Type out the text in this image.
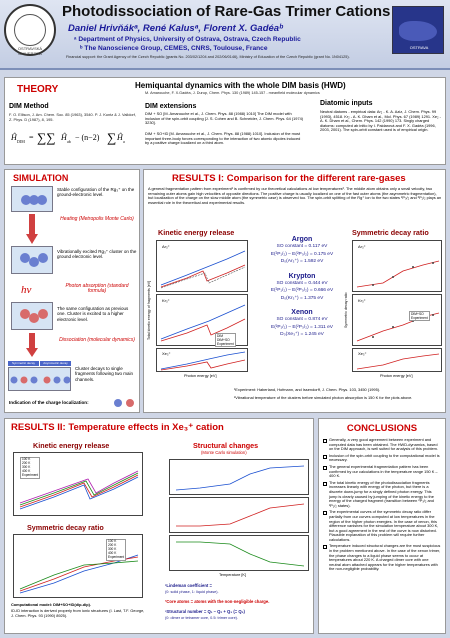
OSTRAVSKÁ UNIVERZITA
Photodissociation of Rare-Gas Trimer Cations
Daniel Hrivňákᵃ, René Kalusᵃ, Florent X. Gadéaᵇ
ᵃ Department of Physics, University of Ostrava, Ostrava, Czech Republic
ᵇ The Nanoscience Group, CEMES, CNRS, Toulouse, France
Financial support: the Grant Agency of the Czech Republic (grants No. 203/02/1204 and 202/06/0146), Ministry of Education of the Czech Republic (grant No. 1N04125).
OSTRAVA
THEORY	Hemiquantal dynamics with the whole DIM basis (HWD)
M. Amarouche, F. X.Gadéa, J. Durup, Chem. Phys. 130 (1989) 145-157 - meanfield molecular dynamics
DIM Method
F. O. Ellison, J. Am. Chem. Soc. 85 (1963), 3540. P. J. Kuntz & J. Valldorf, Z. Phys. D (1987), 8, 195.
Ĥ DIM = ∑∑ Ĥ ab − (n−2) ∑ Ĥ a
DIM extensions
DIM + SO [M. Amarouche et al., J. Chem. Phys. 88 (1988) 1010] The DIM model with inclusion of the spin-orbit coupling [J. S. Cohen and B. Schneider, J. Chem. Phys. 64 (1974) 3230].
DIM + SO+ID [M. Amarouche et al., J. Chem. Phys. 88 (1988) 1010]. Inclusion of the most important three-body forces corresponding to the interaction of two atomic dipoles induced by a positive charge localized on a third atom.
Diatomic inputs
Neutral diatoms - empirical data: Ar₂ - K. A. Aziz, J. Chem. Phys. 99 (1993), 4518. Kr₂ - A. K. Dham et al., Mol. Phys. 67 (1989) 1291. Xe₂ - A. K. Dham et al., Chem. Phys. 142 (1990) 173. Singly charged diatoms: computed ab initio by I. Paidarová and F. X. Gadéa (1996, 2003, 2001). The spin-orbit constant used is of empirical origin.
SIMULATION
Stable configuration of the Rg₃⁺ on the ground-electronic level.
Heating (Metropolis Monte Carlo)
Vibrationally excited Rg₃⁺ cluster on the ground electronic level.
hν	Photon absorption (standard formula)
The same configuration as previous one. Cluster is excited to a higher electronic level.
Dissociation (molecular dynamics)
Symmetric decay	Asymmetric decay
Cluster decays to single fragments following two main channels.
Indication of the charge localization:
RESULTS I: Comparison for the different rare-gases
A general fragmentation pattern from experiment¹ is confirmed by our theoretical calculations at low temperatures². The middle atom obtains only a small velocity, two remaining outer atoms gain high velocities of opposite directions. The positive charge is usually localized on one of the fast outer atoms (the asymmetric fragmentation), but localization of the charge on the slow middle atom (the symmetric case) is observed too. The spin-orbit splitting of the Rg⁺ ion to the two states ²P₃/₂ and ²P₁/₂ plays an essential role in the theoretical and experimental results.
Kinetic energy release	Symmetric decay ratio
Total kinetic energy of fragments [eV]
Ar₃⁺
Kr₃⁺
DIM
DIM+SO
Experiment
Xe₃⁺
Photon energy [eV]
Argon
SO constant = 0.117 eV
E(²P₁/₂) – E(²P₃/₂) = 0.175 eV
D₀(Ar₃⁺) = 1.592 eV
Krypton
SO constant = 0.444 eV
E(²P₁/₂) – E(²P₃/₂) = 0.666 eV
D₀(Kr₃⁺) = 1.375 eV
Xenon
SO constant = 0.874 eV
E(²P₁/₂) – E(²P₃/₂) = 1.311 eV
D₀(Xe₃⁺) = 1.245 eV
Symmetric decay ratio
Ar₃⁺
Kr₃⁺
DIM+SO
Experiment
Xe₃⁺
Photon energy [eV]
¹Experiment: Haberland, Hofmann, and Issendorff, J. Chem. Phys. 103, 3450 (1995).
²Vibrational temperature of the clusters before simulated photon absorption is 150 K for the plots above.
RESULTS II: Temperature effects in Xe₃⁺ cation
Kinetic energy release
100 K
200 K
300 K
400 K
Experiment
Symmetric decay ratio
100 K
200 K
300 K
400 K
Experiment
Computational model: DIM+SO+ID(dip-dip).
ID-ID interaction is derived properly from ionic structures (I. Last, T.F. George, J. Chem. Phys. 93 (1990) 8925).
Structural changes
(Monte Carlo simulation)
Temperature [K]
¹Lindeman coefficient =
(0: solid phase, 1: liquid phase).
²Core atoms = atoms with the non-negligible charge.
³Structural number = Q₁ – Q₂ + Q₃ (= Q₅)
(0: dimer or tetramer core, 0.5: trimer core).
CONCLUSIONS
Generally, a very good agreement between experiment and computed data has been obtained. The HWD-dynamics, based on the DIM approach, is well suited for analysis of this problem.
Inclusion of the spin-orbit coupling to the computational model is necessary.
The general experimental fragmentation pattern has been confirmed by our calculations in the temperature range 150 K – 400 K.
The total kinetic energy of the photodissociation fragments increases linearly with energy of the photon, but there is a discrete down-jump for a singly defined photon energy. This jump is clearly caused by jumping of the kinetic energy to the energy of the charged fragment (transition between ²P₃/₂ and ²P₁/₂ states).
The experimental curves of the symmetric decay ratio differ partially from our curves computed at low temperatures in the region of the higher photon energies. In the case of xenon, this difference vanishes for the simulation temperature about 300 K, but a good agreement in the rest of the curve is now disturbed. Plausible explanation of this problem will require further calculations.
Temperature induced structural changes are the most suspicious in the problem mentioned above. In the case of the xenon trimer, the phase changes to a liquid phase seems to occur at temperatures about 220 K. A charged dimer core with one neutral atom attached appears for the higher temperatures with the non-negligible probability.
